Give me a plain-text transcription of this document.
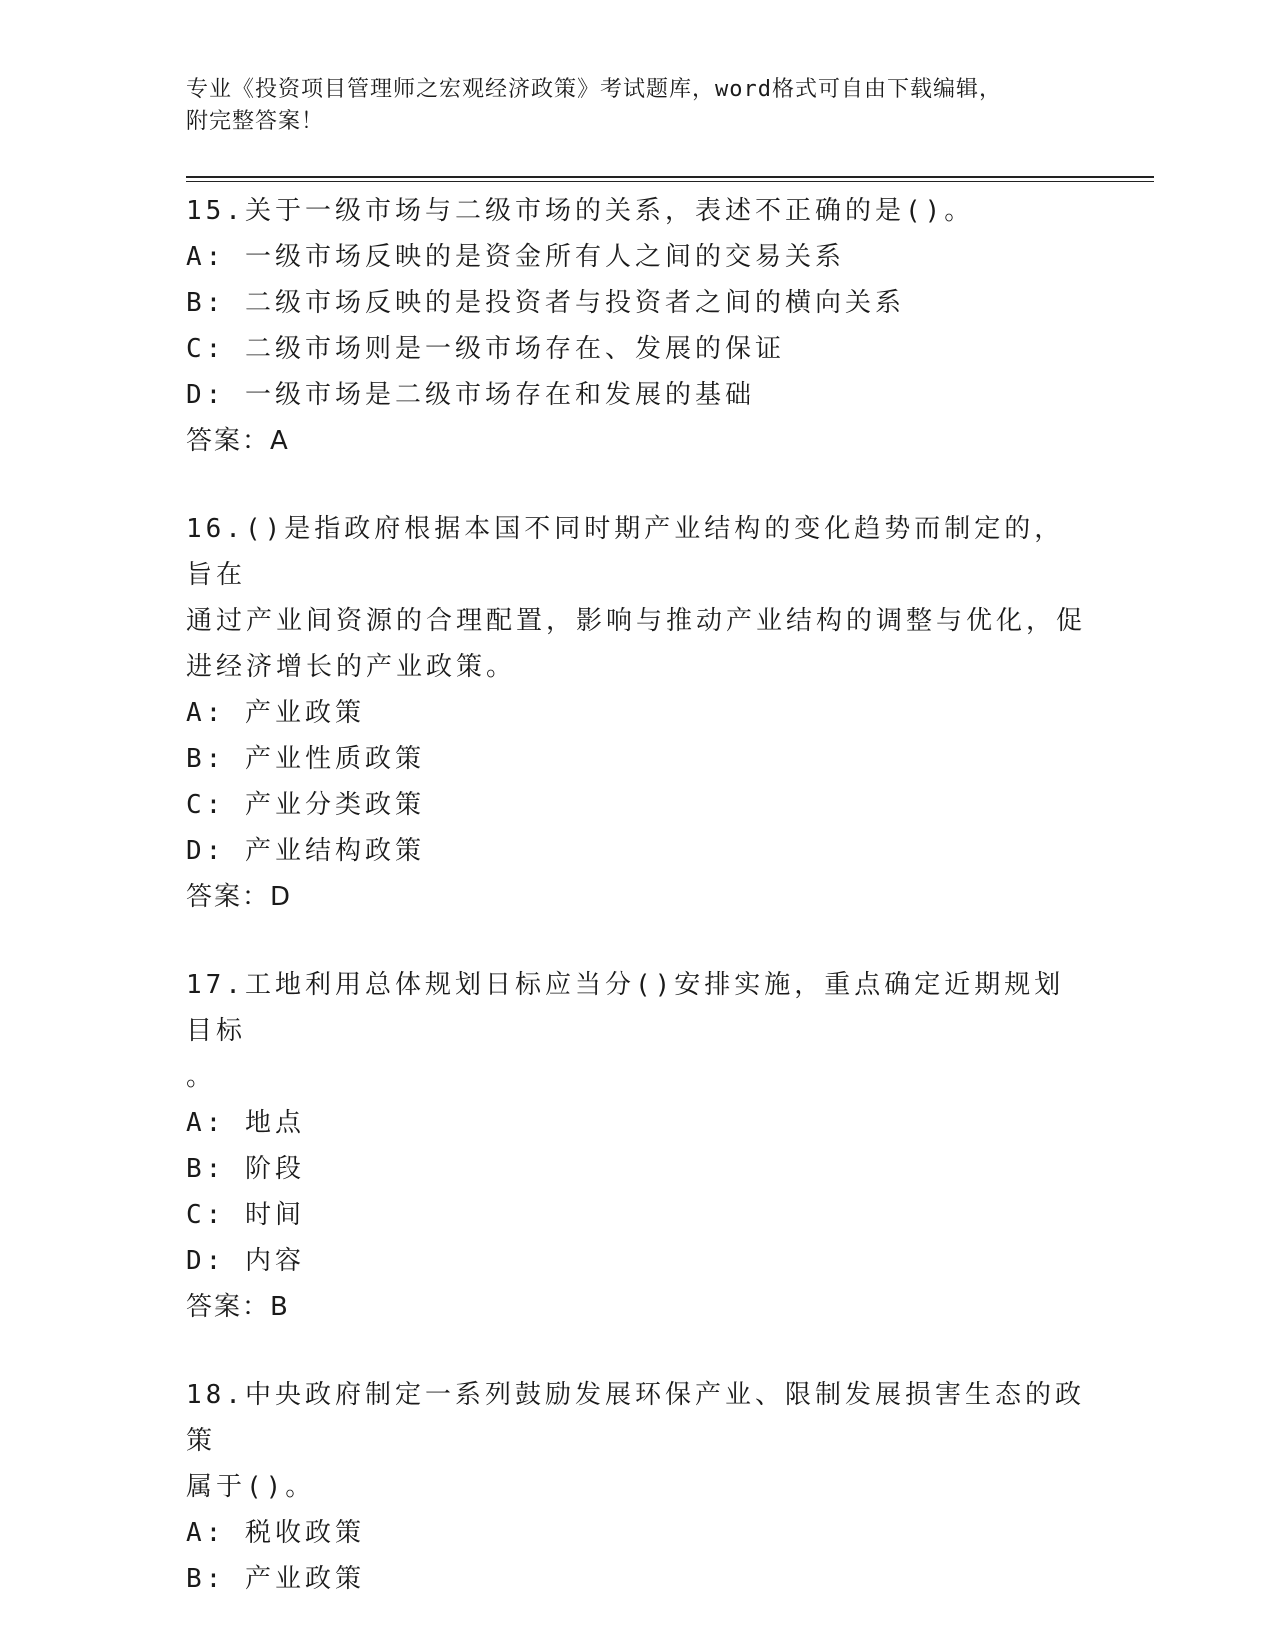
专业《投资项目管理师之宏观经济政策》考试题库，word格式可自由下载编辑，
附完整答案！

15.关于一级市场与二级市场的关系，表述不正确的是()。

A: 一级市场反映的是资金所有人之间的交易关系

B: 二级市场反映的是投资者与投资者之间的横向关系

C: 二级市场则是一级市场存在、发展的保证

D: 一级市场是二级市场存在和发展的基础

答案：A

16.()是指政府根据本国不同时期产业结构的变化趋势而制定的，旨在

通过产业间资源的合理配置，影响与推动产业结构的调整与优化，促

进经济增长的产业政策。

A: 产业政策

B: 产业性质政策

C: 产业分类政策

D: 产业结构政策

答案：D

17.工地利用总体规划日标应当分()安排实施，重点确定近期规划目标

。

A: 地点

B: 阶段

C: 时间

D: 内容

答案：B

18.中央政府制定一系列鼓励发展环保产业、限制发展损害生态的政策

属于()。

A: 税收政策

B: 产业政策
